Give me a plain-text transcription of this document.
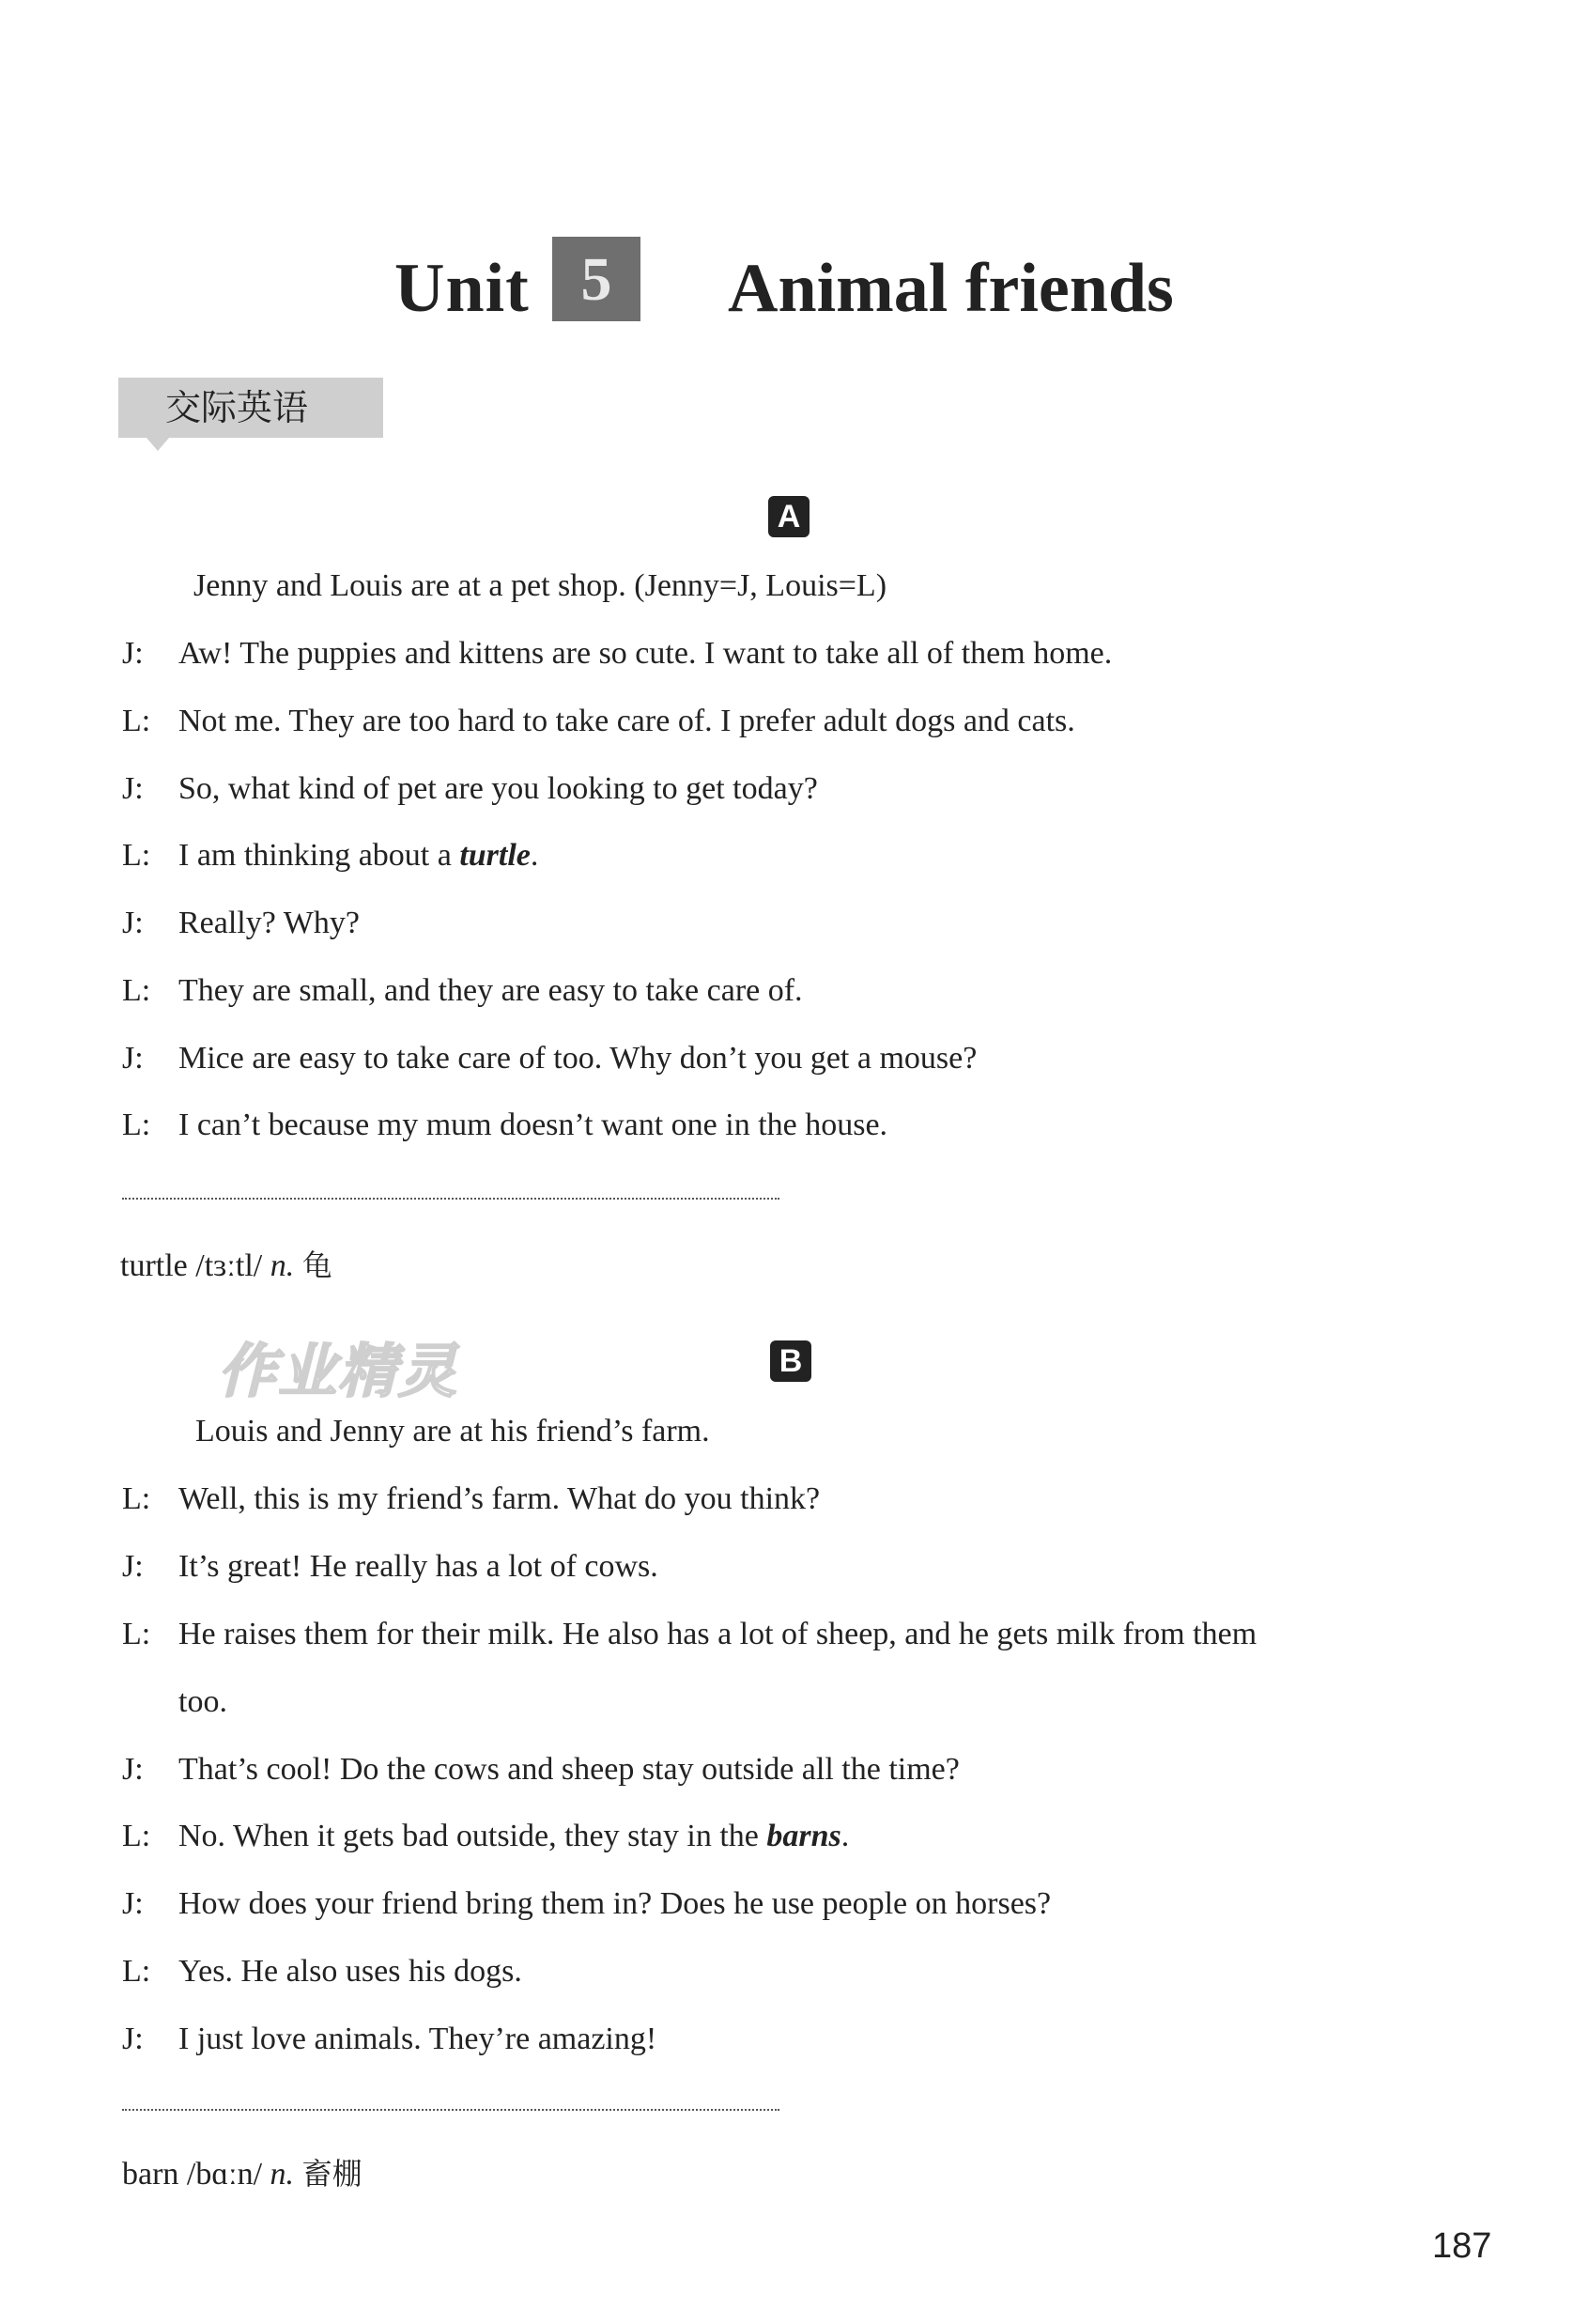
Unit 5	Animal friends
交际英语
A
Jenny and Louis are at a pet shop. (Jenny=J, Louis=L)
J: Aw! The puppies and kittens are so cute. I want to take all of them home.
L: Not me. They are too hard to take care of. I prefer adult dogs and cats.
J: So, what kind of pet are you looking to get today?
L: I am thinking about a turtle.
J: Really? Why?
L: They are small, and they are easy to take care of.
J: Mice are easy to take care of too. Why don’t you get a mouse?
L: I can’t because my mum doesn’t want one in the house.
turtle /tɜːtl/ n. 龟
作业精灵	B
Louis and Jenny are at his friend’s farm.
L: Well, this is my friend’s farm. What do you think?
J: It’s great! He really has a lot of cows.
L: He raises them for their milk. He also has a lot of sheep, and he gets milk from them
too.
J: That’s cool! Do the cows and sheep stay outside all the time?
L: No. When it gets bad outside, they stay in the barns.
J: How does your friend bring them in? Does he use people on horses?
L: Yes. He also uses his dogs.
J: I just love animals. They’re amazing!
barn /bɑːn/ n. 畜棚
187
